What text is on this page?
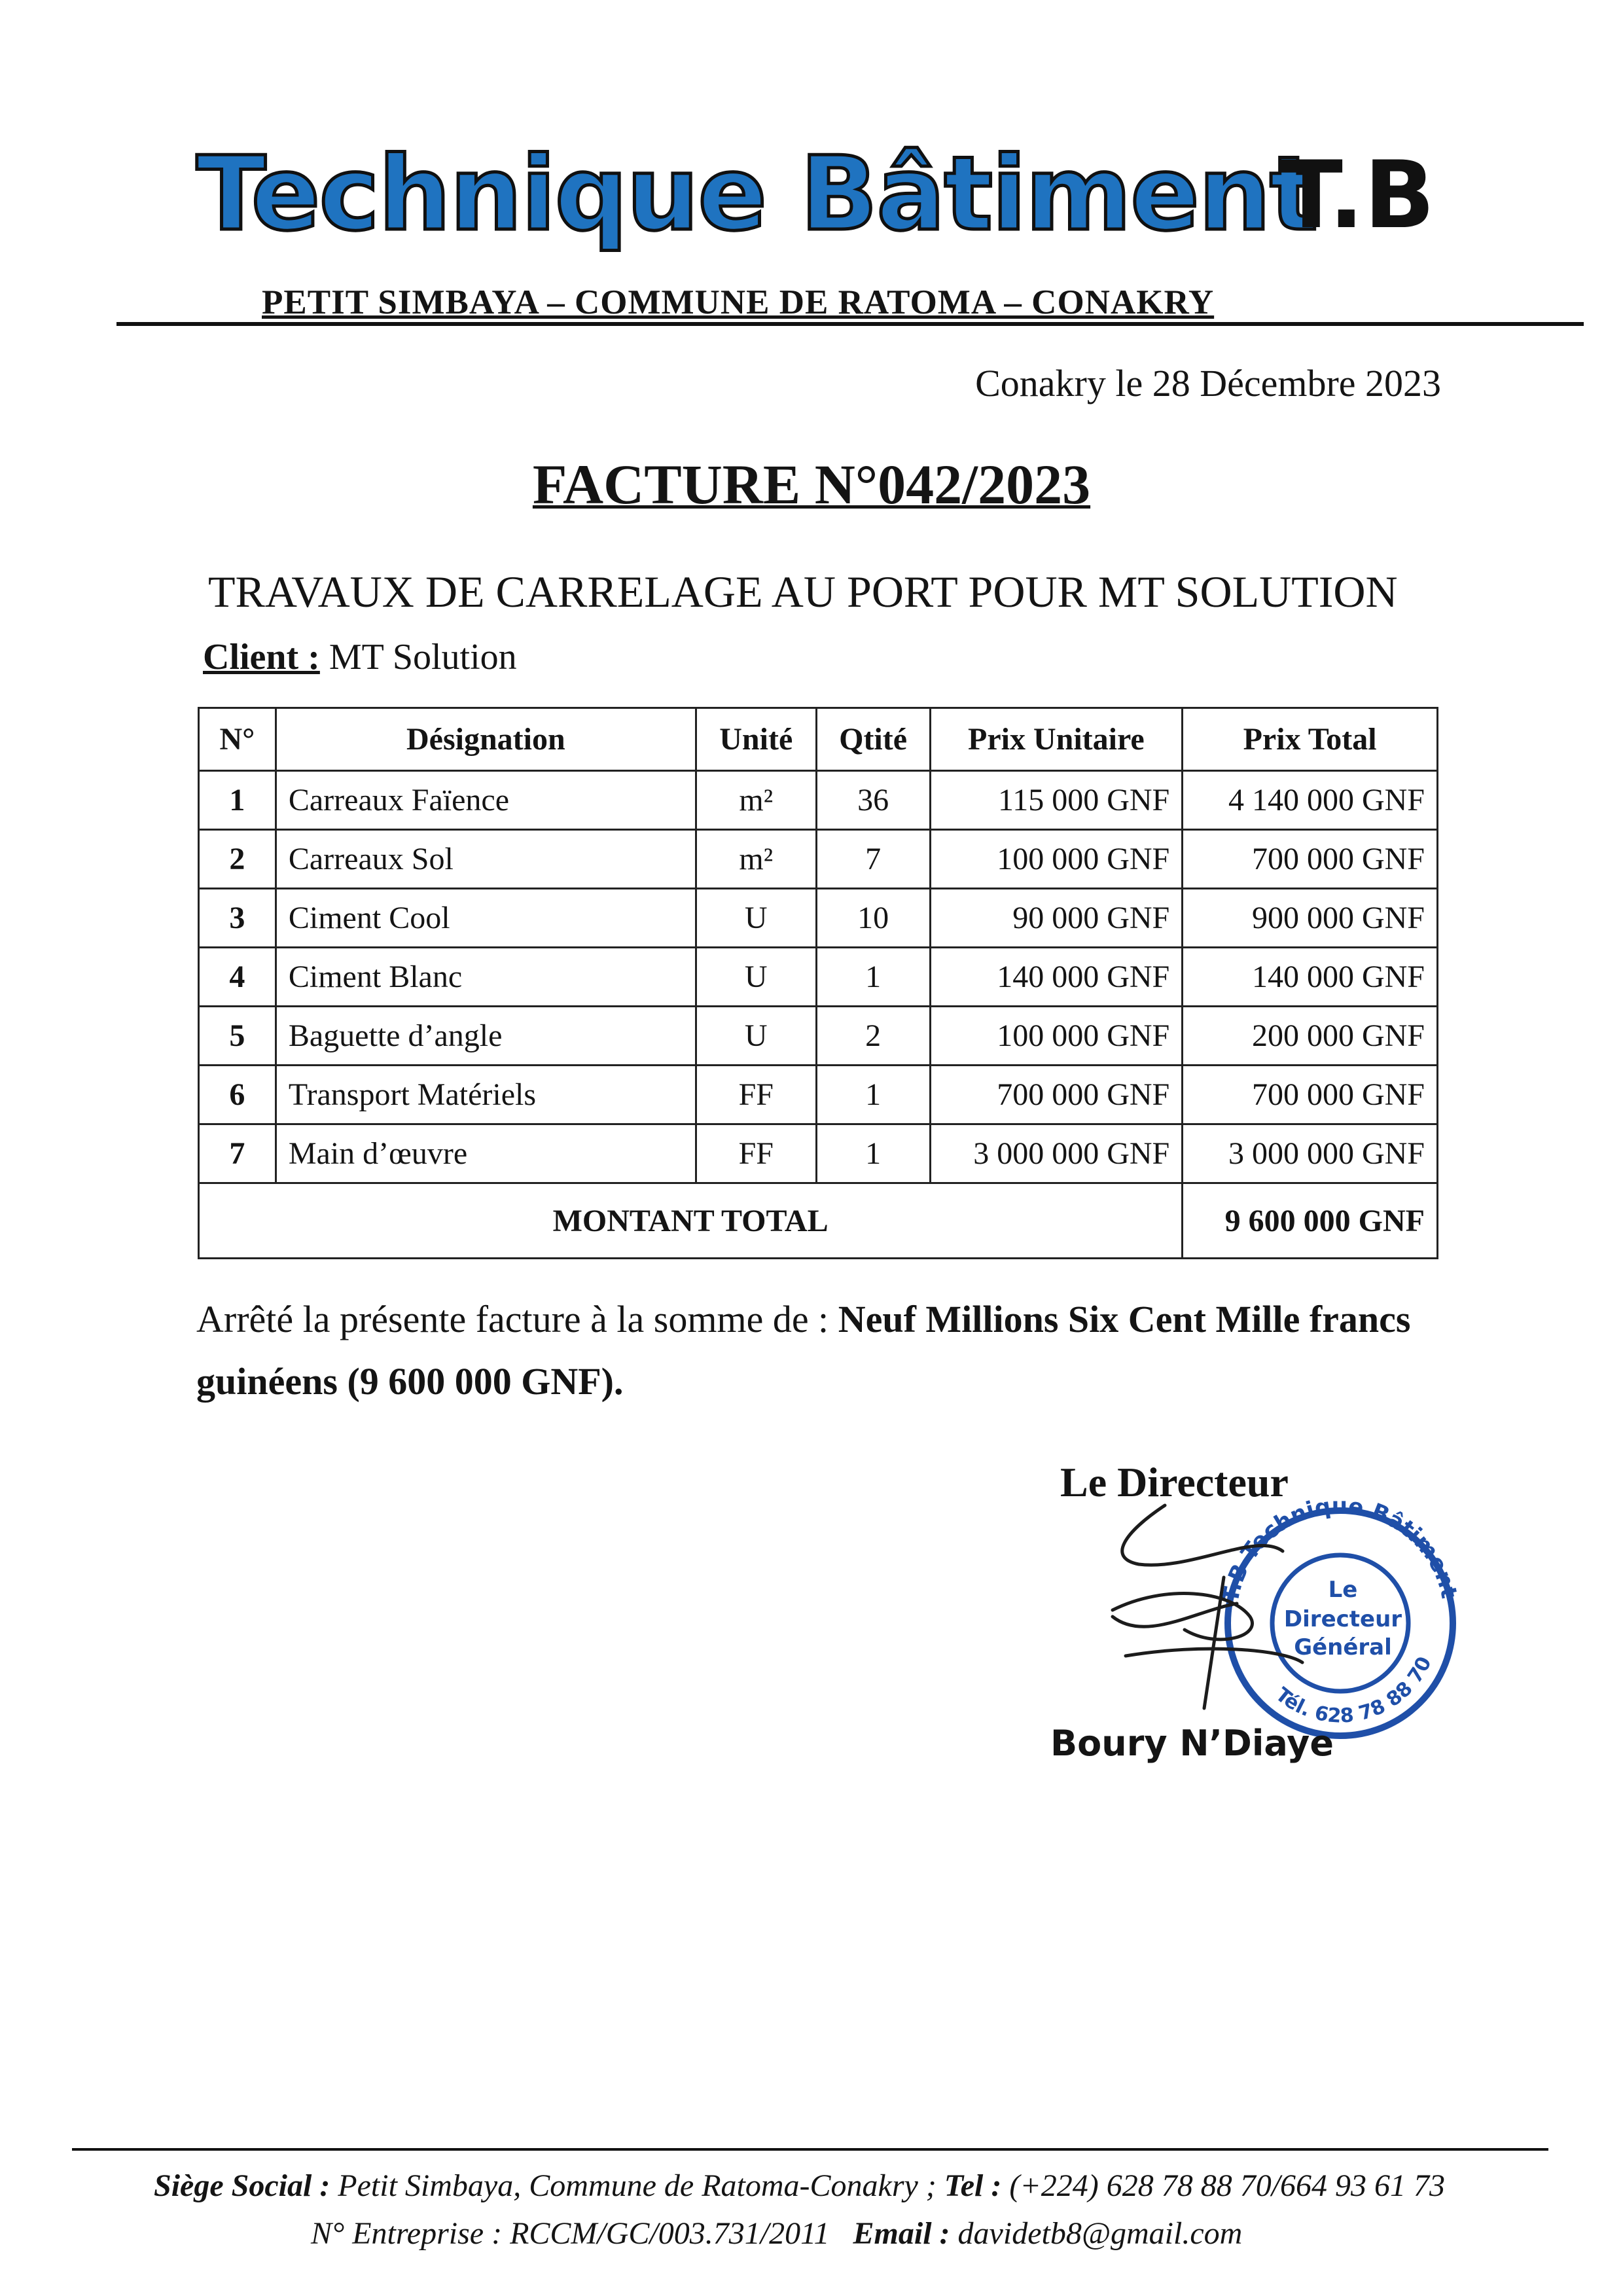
Technique Bâtiment
T.B
PETIT SIMBAYA – COMMUNE DE RATOMA – CONAKRY
Conakry le 28 Décembre 2023
FACTURE N°042/2023
TRAVAUX DE CARRELAGE AU PORT POUR MT SOLUTION
Client : MT Solution
N°	Désignation	Unité	Qtité	Prix Unitaire	Prix Total
1	Carreaux Faïence	m²	36	115 000 GNF	4 140 000 GNF
2	Carreaux Sol	m²	7	100 000 GNF	700 000 GNF
3	Ciment Cool	U	10	90 000 GNF	900 000 GNF
4	Ciment Blanc	U	1	140 000 GNF	140 000 GNF
5	Baguette d’angle	U	2	100 000 GNF	200 000 GNF
6	Transport Matériels	FF	1	700 000 GNF	700 000 GNF
7	Main d’œuvre	FF	1	3 000 000 GNF	3 000 000 GNF
MONTANT TOTAL					9 600 000 GNF
Arrêté la présente facture à la somme de : Neuf Millions Six Cent Mille francs guinéens (9 600 000 GNF).
Le Directeur
T.B Technique Bâtiment
Tél. 628 78 88 70
Le
Directeur
Général
Boury N’Diaye
Siège Social : Petit Simbaya, Commune de Ratoma-Conakry ; Tel : (+224) 628 78 88 70/664 93 61 73
N° Entreprise : RCCM/GC/003.731/2011 Email : davidetb8@gmail.com
